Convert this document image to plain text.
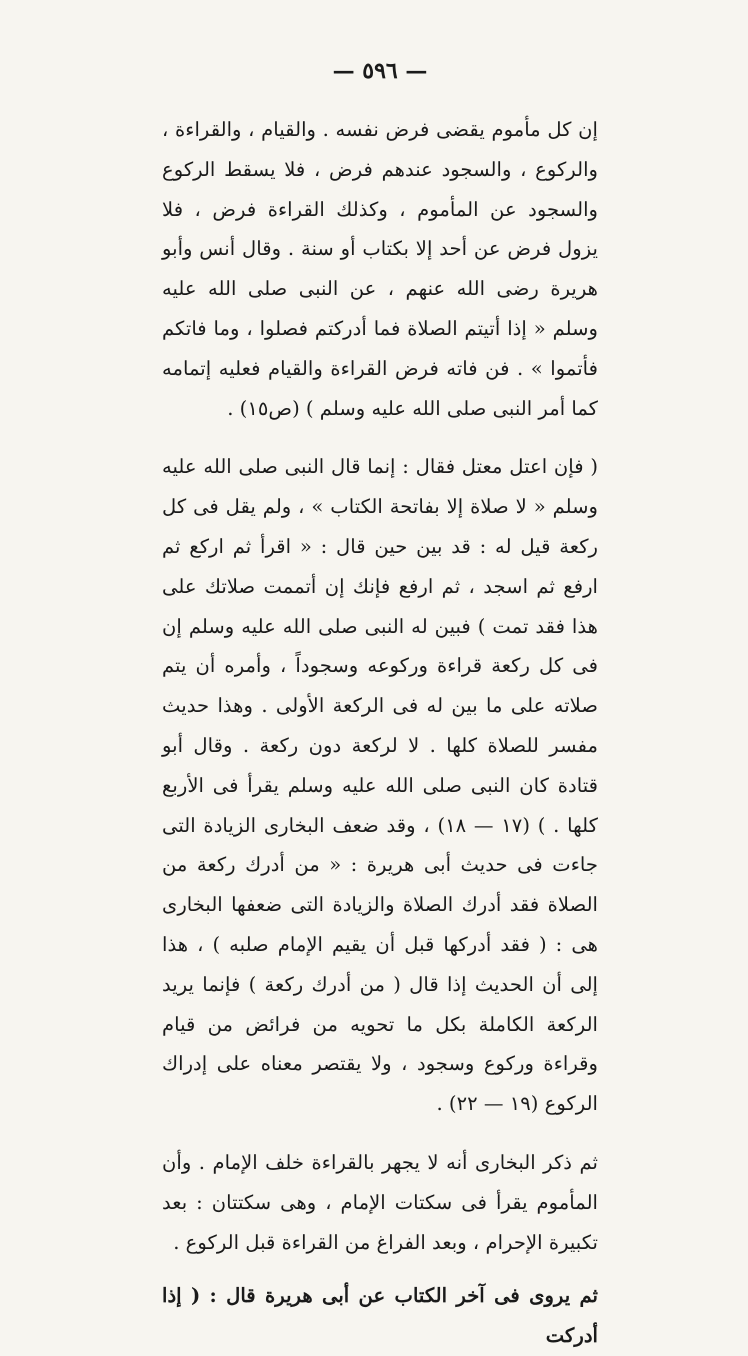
— ٥٩٦ —

إن كل مأموم يقضى فرض نفسه . والقيام ، والقراءة ، والركوع ، والسجود عندهم فرض ، فلا يسقط الركوع والسجود عن المأموم ، وكذلك القراءة فرض ، فلا يزول فرض عن أحد إلا بكتاب أو سنة . وقال أنس وأبو هريرة رضى الله عنهم ، عن النبى صلى الله عليه وسلم « إذا أتيتم الصلاة فما أدركتم فصلوا ، وما فاتكم فأتموا » . فن فاته فرض القراءة والقيام فعليه إتمامه كما أمر النبى صلى الله عليه وسلم ) (ص١٥) .

( فإن اعتل معتل فقال : إنما قال النبى صلى الله عليه وسلم « لا صلاة إلا بفاتحة الكتاب » ، ولم يقل فى كل ركعة قيل له : قد بين حين قال : « اقرأ ثم اركع ثم ارفع ثم اسجد ، ثم ارفع فإنك إن أتممت صلاتك على هذا فقد تمت ) فبين له النبى صلى الله عليه وسلم إن فى كل ركعة قراءة وركوعه وسجوداً ، وأمره أن يتم صلاته على ما بين له فى الركعة الأولى . وهذا حديث مفسر للصلاة كلها . لا لركعة دون ركعة . وقال أبو قتادة كان النبى صلى الله عليه وسلم يقرأ فى الأربع كلها . ) (١٧ — ١٨) ، وقد ضعف البخارى الزيادة التى جاءت فى حديث أبى هريرة : « من أدرك ركعة من الصلاة فقد أدرك الصلاة والزيادة التى ضعفها البخارى هى : ( فقد أدركها قبل أن يقيم الإمام صلبه ) ، هذا إلى أن الحديث إذا قال ( من أدرك ركعة ) فإنما يريد الركعة الكاملة بكل ما تحويه من فرائض من قيام وقراءة وركوع وسجود ، ولا يقتصر معناه على إدراك الركوع (١٩ — ٢٢) .

ثم ذكر البخارى أنه لا يجهر بالقراءة خلف الإمام . وأن المأموم يقرأ فى سكتات الإمام ، وهى سكتتان : بعد تكبيرة الإحرام ، وبعد الفراغ من القراءة قبل الركوع .

ثم يروى فى آخر الكتاب عن أبى هريرة قال : ( إذا أدركت
